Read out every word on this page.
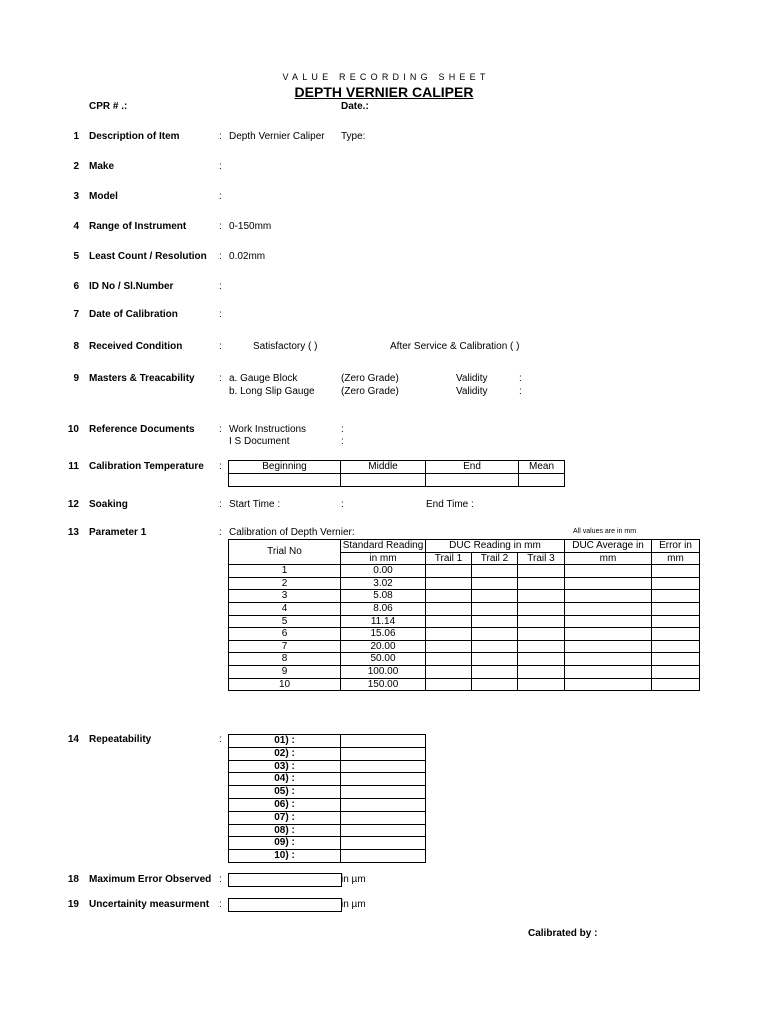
VALUE RECORDING SHEET
DEPTH VERNIER CALIPER
CPR # .:	Date.:
1 Description of Item	: Depth Vernier Caliper Type:
2 Make	:
3 Model	:
4 Range of Instrument	: 0-150mm
5 Least Count / Resolution : 0.02mm
6 ID No / Sl.Number	:
7 Date of Calibration	:
8 Received Condition	:	Satisfactory ( )	After Service & Calibration ( )
9 Masters & Treacability : a. Gauge Block	(Zero Grade)	Validity	:
b. Long Slip Gauge	(Zero Grade)	Validity	:
10 Reference Documents : Work Instructions	:
I S Document	:
11 Calibration Temperature :	Beginning	Middle	End	Mean

12 Soaking	: Start Time :	:	End Time :
13 Parameter 1	: Calibration of Depth Vernier:	All values are in mm
Trial No	Standard Reading	DUC Reading in mm			DUC Average in	Error in
	in mm	Trail 1	Trail 2	Trail 3	mm	mm
1	0.00					
2	3.02					
3	5.08					
4	8.06					
5	11.14					
6	15.06					
7	20.00					
8	50.00					
9	100.00					
10	150.00					
14 Repeatability	:	01) :	
02) :	
03) :	
04) :	
05) :	
06) :	
07) :	
08) :	
09) :	
10) :	
18 Maximum Error Observed :	in µm
19 Uncertainity measurment :	in µm
Calibrated by :
